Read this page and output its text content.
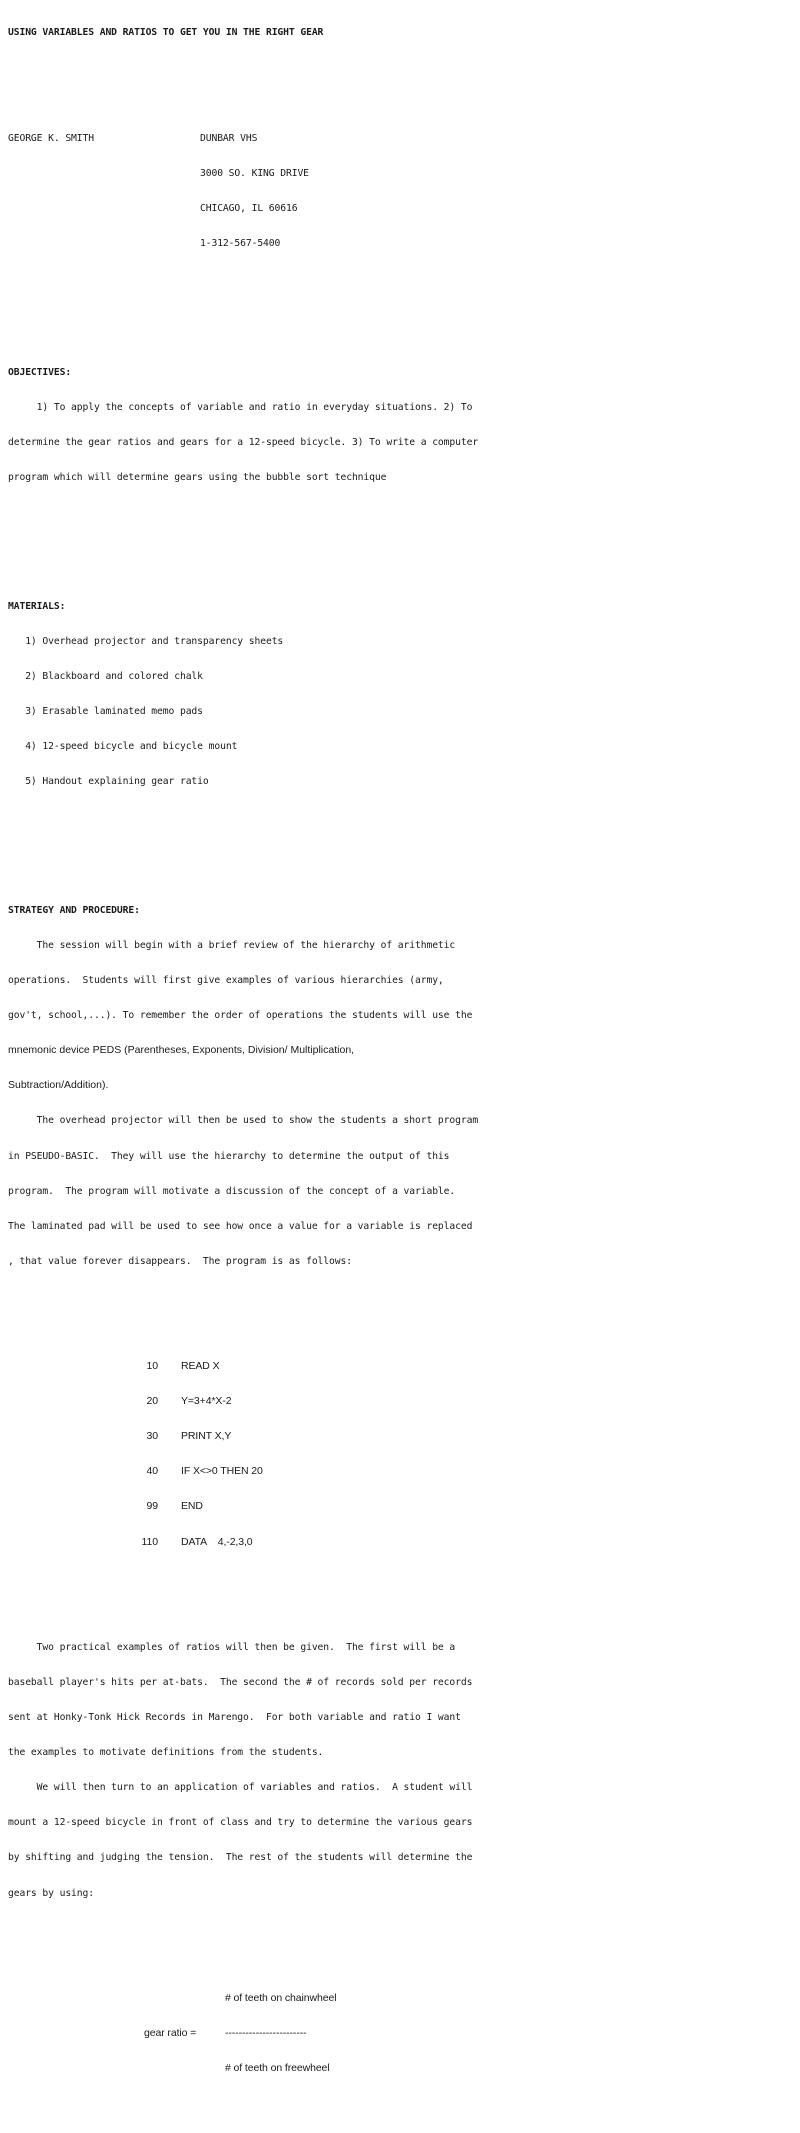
USING VARIABLES AND RATIOS TO GET YOU IN THE RIGHT GEAR

GEORGE K. SMITH	DUNBAR VHS

3000 SO. KING DRIVE

CHICAGO, IL 60616

1-312-567-5400

OBJECTIVES:

1) To apply the concepts of variable and ratio in everyday situations. 2) To

determine the gear ratios and gears for a 12-speed bicycle. 3) To write a computer

program which will determine gears using the bubble sort technique

MATERIALS:

1) Overhead projector and transparency sheets

2) Blackboard and colored chalk

3) Erasable laminated memo pads

4) 12-speed bicycle and bicycle mount

5) Handout explaining gear ratio

STRATEGY AND PROCEDURE:

The session will begin with a brief review of the hierarchy of arithmetic

operations.  Students will first give examples of various hierarchies (army,

gov't, school,...). To remember the order of operations the students will use the

mnemonic device PEDS (Parentheses, Exponents, Division/ Multiplication,

Subtraction/Addition).

The overhead projector will then be used to show the students a short program

in PSEUDO-BASIC.  They will use the hierarchy to determine the output of this

program.  The program will motivate a discussion of the concept of a variable.

The laminated pad will be used to see how once a value for a variable is replaced

, that value forever disappears.  The program is as follows:

10 READ X

20 Y=3+4*X-2

30 PRINT X,Y

40 IF X<>0 THEN 20

99 END

110 DATA    4,-2,3,0

Two practical examples of ratios will then be given.  The first will be a

baseball player's hits per at-bats.  The second the # of records sold per records

sent at Honky-Tonk Hick Records in Marengo.  For both variable and ratio I want

the examples to motivate definitions from the students.

We will then turn to an application of variables and ratios.  A student will

mount a 12-speed bicycle in front of class and try to determine the various gears

by shifting and judging the tension.  The rest of the students will determine the

gears by using:

# of teeth on chainwheel

gear ratio =	------------------------

# of teeth on freewheel
